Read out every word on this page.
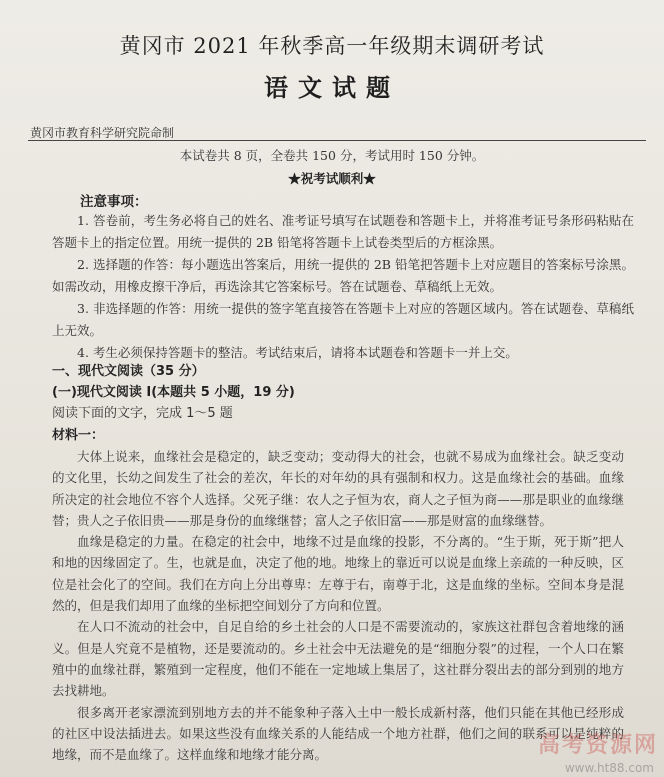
黄冈市 2021 年秋季高一年级期末调研考试
语文试题
黄冈市教育科学研究院命制
本试卷共 8 页，全卷共 150 分，考试用时 150 分钟。
★祝考试顺利★
注意事项：

1. 答卷前，考生务必将自己的姓名、准考证号填写在试题卷和答题卡上，并将准考证号条形码粘贴在答题卡上的指定位置。用统一提供的 2B 铅笔将答题卡上试卷类型后的方框涂黑。

2. 选择题的作答：每小题选出答案后，用统一提供的 2B 铅笔把答题卡上对应题目的答案标号涂黑。如需改动，用橡皮擦干净后，再选涂其它答案标号。答在试题卷、草稿纸上无效。

3. 非选择题的作答：用统一提供的签字笔直接答在答题卡上对应的答题区域内。答在试题卷、草稿纸上无效。

4. 考生必须保持答题卡的整洁。考试结束后，请将本试题卷和答题卡一并上交。

一、现代文阅读（35 分）
(一)现代文阅读 I(本题共 5 小题，19 分)
阅读下面的文字，完成 1～5 题
材料一：

大体上说来，血缘社会是稳定的，缺乏变动；变动得大的社会，也就不易成为血缘社会。缺乏变动的文化里，长幼之间发生了社会的差次，年长的对年幼的具有强制和权力。这是血缘社会的基础。血缘所决定的社会地位不容个人选择。父死子继：农人之子恒为农，商人之子恒为商——那是职业的血缘继替；贵人之子依旧贵——那是身份的血缘继替；富人之子依旧富——那是财富的血缘继替。

血缘是稳定的力量。在稳定的社会中，地缘不过是血缘的投影，不分离的。“生于斯，死于斯”把人和地的因缘固定了。生，也就是血，决定了他的地。地缘上的靠近可以说是血缘上亲疏的一种反映，区位是社会化了的空间。我们在方向上分出尊卑：左尊于右，南尊于北，这是血缘的坐标。空间本身是混然的，但是我们却用了血缘的坐标把空间划分了方向和位置。

在人口不流动的社会中，自足自给的乡土社会的人口是不需要流动的，家族这社群包含着地缘的涵义。但是人究竟不是植物，还是要流动的。乡土社会中无法避免的是“细胞分裂”的过程，一个人口在繁殖中的血缘社群，繁殖到一定程度，他们不能在一定地域上集居了，这社群分裂出去的部分到别的地方去找耕地。

很多离开老家漂流到别地方去的并不能象种子落入土中一般长成新村落，他们只能在其他已经形成的社区中设法插进去。如果这些没有血缘关系的人能结成一个地方社群，他们之间的联系可以是纯粹的地缘，而不是血缘了。这样血缘和地缘才能分离。	高考资源网
www.ht88.com
